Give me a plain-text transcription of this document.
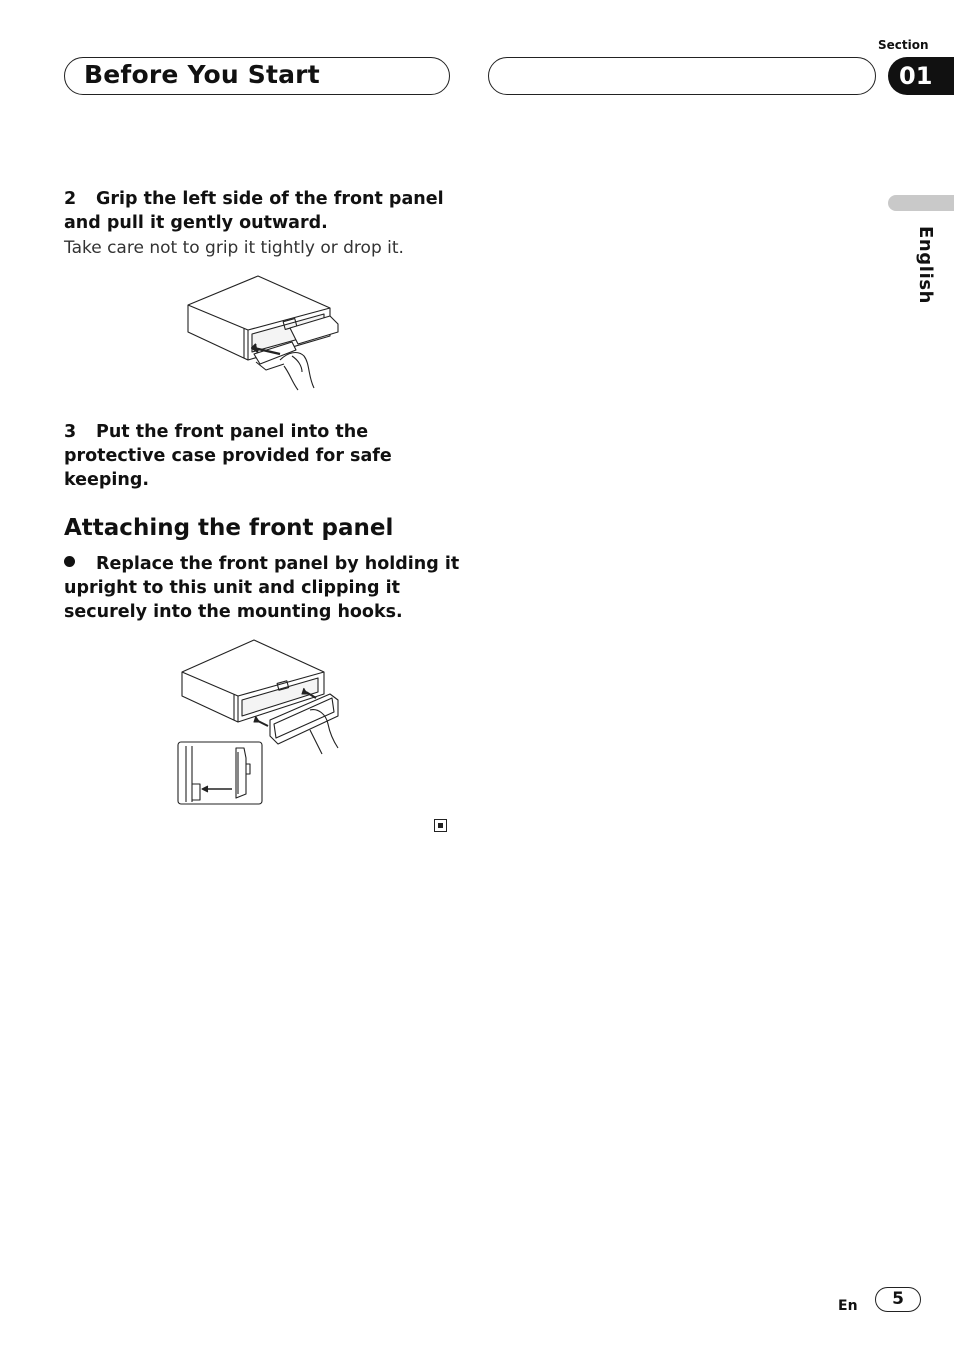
Section
Before You Start	01
English
2 Grip the left side of the front panel and pull it gently outward.
Take care not to grip it tightly or drop it.
3 Put the front panel into the protective case provided for safe keeping.
Attaching the front panel
Replace the front panel by holding it upright to this unit and clipping it securely into the mounting hooks.
En	5
